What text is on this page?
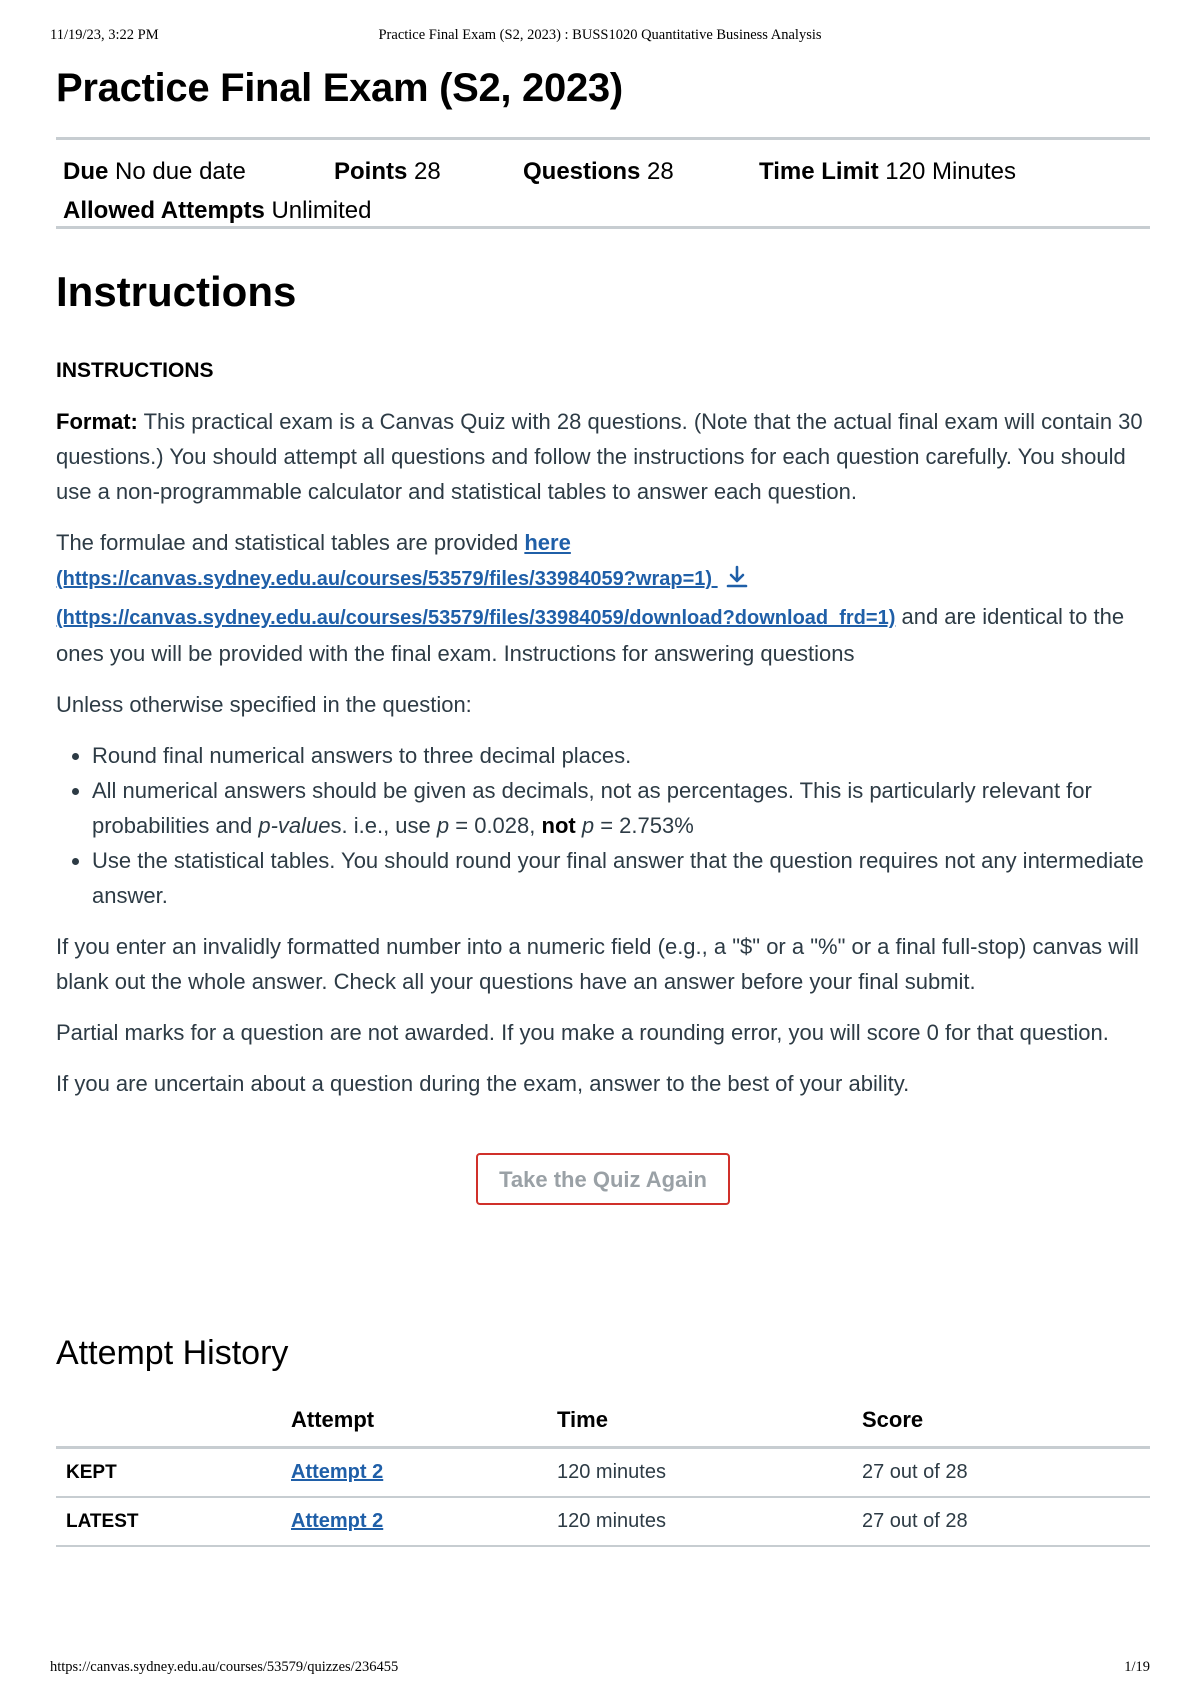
11/19/23, 3:22 PM	Practice Final Exam (S2, 2023) : BUSS1020 Quantitative Business Analysis
Practice Final Exam (S2, 2023)
Due No due date	Points 28	Questions 28	Time Limit 120 Minutes
Allowed Attempts Unlimited
Instructions

INSTRUCTIONS

Format: This practical exam is a Canvas Quiz with 28 questions. (Note that the actual final exam will contain 30 questions.) You should attempt all questions and follow the instructions for each question carefully. You should use a non-programmable calculator and statistical tables to answer each question.

The formulae and statistical tables are provided here
(https://canvas.sydney.edu.au/courses/53579/files/33984059?wrap=1)
(https://canvas.sydney.edu.au/courses/53579/files/33984059/download?download_frd=1) and are identical to the ones you will be provided with the final exam. Instructions for answering questions

Unless otherwise specified in the question:

• Round final numerical answers to three decimal places.
• All numerical answers should be given as decimals, not as percentages. This is particularly relevant for probabilities and p-values. i.e., use p = 0.028, not p = 2.753%
• Use the statistical tables. You should round your final answer that the question requires not any intermediate answer.

If you enter an invalidly formatted number into a numeric field (e.g., a "$" or a "%" or a final full-stop) canvas will blank out the whole answer. Check all your questions have an answer before your final submit.

Partial marks for a question are not awarded. If you make a rounding error, you will score 0 for that question.

If you are uncertain about a question during the exam, answer to the best of your ability.

Take the Quiz Again
Attempt History
	Attempt	Time	Score
KEPT	Attempt 2	120 minutes	27 out of 28
LATEST	Attempt 2	120 minutes	27 out of 28
https://canvas.sydney.edu.au/courses/53579/quizzes/236455	1/19
